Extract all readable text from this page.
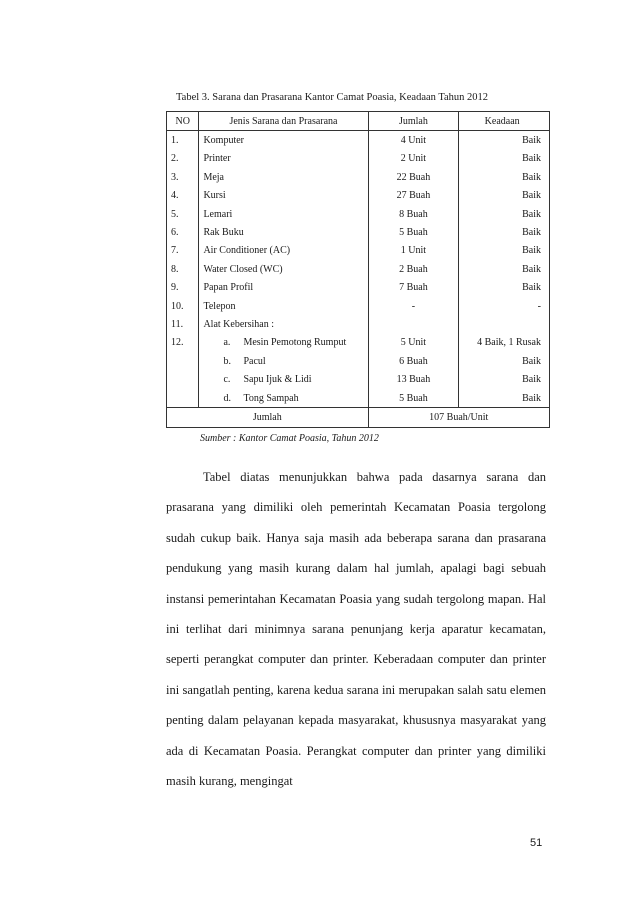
Tabel 3. Sarana dan Prasarana Kantor Camat Poasia, Keadaan Tahun 2012
NO	Jenis Sarana dan Prasarana	Jumlah	Keadaan
1.	Komputer	4 Unit	Baik
2.	Printer	2 Unit	Baik
3.	Meja	22 Buah	Baik
4.	Kursi	27 Buah	Baik
5.	Lemari	8 Buah	Baik
6.	Rak Buku	5 Buah	Baik
7.	Air Conditioner (AC)	1 Unit	Baik
8.	Water Closed (WC)	2 Buah	Baik
9.	Papan Profil	7 Buah	Baik
10.	Telepon	-	-
11.	Alat Kebersihan :		
12.	a. Mesin Pemotong Rumput	5 Unit	4 Baik, 1 Rusak
	b. Pacul	6 Buah	Baik
	c. Sapu Ijuk & Lidi	13 Buah	Baik
	d. Tong Sampah	5 Buah	Baik
Jumlah		107 Buah/Unit	
Sumber : Kantor Camat Poasia, Tahun 2012

Tabel diatas menunjukkan bahwa pada dasarnya sarana dan prasarana yang dimiliki oleh pemerintah Kecamatan Poasia tergolong sudah cukup baik. Hanya saja masih ada beberapa sarana dan prasarana pendukung yang masih kurang dalam hal jumlah, apalagi bagi sebuah instansi pemerintahan Kecamatan Poasia yang sudah tergolong mapan. Hal ini terlihat dari minimnya sarana penunjang kerja aparatur kecamatan, seperti perangkat computer dan printer. Keberadaan computer dan printer ini sangatlah penting, karena kedua sarana ini merupakan salah satu elemen penting dalam pelayanan kepada masyarakat, khususnya masyarakat yang ada di Kecamatan Poasia. Perangkat computer dan printer yang dimiliki masih kurang, mengingat

51
